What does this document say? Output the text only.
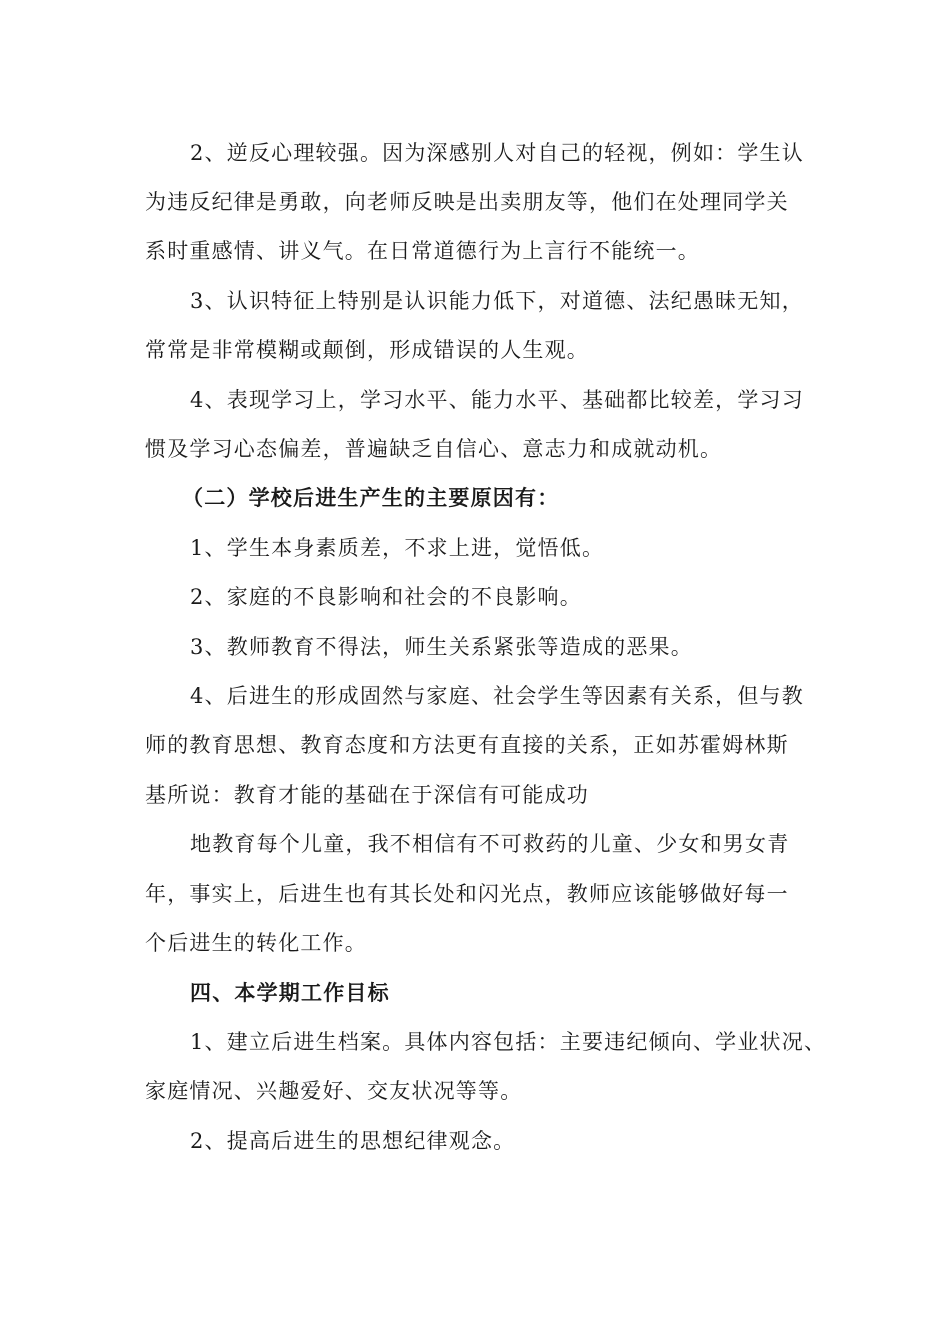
2、逆反心理较强。因为深感别人对自己的轻视，例如：学生认

为违反纪律是勇敢，向老师反映是出卖朋友等，他们在处理同学关

系时重感情、讲义气。在日常道德行为上言行不能统一。

3、认识特征上特别是认识能力低下，对道德、法纪愚昧无知，

常常是非常模糊或颠倒，形成错误的人生观。

4、表现学习上，学习水平、能力水平、基础都比较差，学习习

惯及学习心态偏差，普遍缺乏自信心、意志力和成就动机。

（二）学校后进生产生的主要原因有：

1、学生本身素质差，不求上进，觉悟低。

2、家庭的不良影响和社会的不良影响。

3、教师教育不得法，师生关系紧张等造成的恶果。

4、后进生的形成固然与家庭、社会学生等因素有关系，但与教

师的教育思想、教育态度和方法更有直接的关系，正如苏霍姆林斯

基所说：教育才能的基础在于深信有可能成功

地教育每个儿童，我不相信有不可救药的儿童、少女和男女青

年，事实上，后进生也有其长处和闪光点，教师应该能够做好每一

个后进生的转化工作。

四、本学期工作目标

1、建立后进生档案。具体内容包括：主要违纪倾向、学业状况、

家庭情况、兴趣爱好、交友状况等等。

2、提高后进生的思想纪律观念。
